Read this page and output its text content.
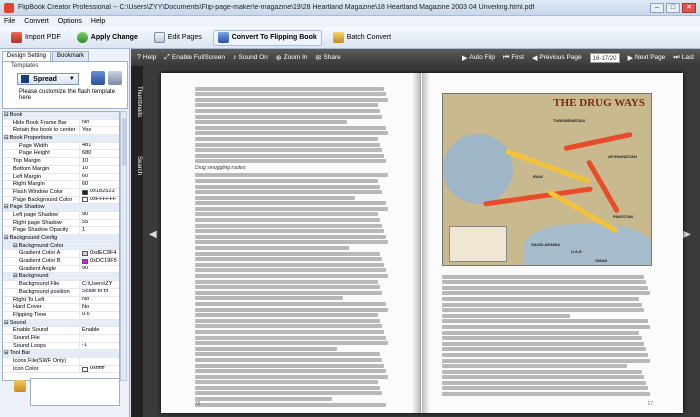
FlipBook Creator Professional -- C:\Users\ZYY\Documents\Flip-page-maker\e-magazine\19\28 Heartland Magazine\18 Heartland Magazine 2003 04 Unveiling.html.pdf	–	□	✕
File Convert Options Help
Import PDF	Apply Change	Edit Pages	Convert To Flipping Book	Batch Convert
Design Setting	Bookmark
Templates
Spread ▼
Please customize the flash template here
⊟ Book
Hide Book Frame Bar	No
Retain the book to center	Yes
⊟ Book Proportions
Page Width	481
Page Height	680
Top Margin	10
Bottom Margin	10
Left Margin	60
Right Margin	60
Flash Window Color	0x182523
Page Background Color	0xFFFFFF
⊟ Page Shadow
Left page Shadow	90
Right page Shadow	55
Page Shadow Opacity	1
⊟ Background Config
⊟ Background Color
Gradient Color A	0xdEC9F4
Gradient Color B	0xDC19F5
Gradient Angle	90
⊟ Background
Background File	C:\Users\ZY
Background position	Scale to fit
Right To Left	No
Hard Cover	No
Flipping Time	0.6
⊟ Sound
Enable Sound	Enable
Sound File
Sound Loops	-1
⊟ Tool Bar
Icons File(SWF Only)
Icon Color	0xffffff
? Help ⤢ Enable FullScreen ♪ Sound On ⊕ Zoom In ✉ Share	▶ Auto Flip ⏮ First ◀ Previous Page	16-17/20	▶ Next Page ⏭ Last
Thumbnails
Search
◀	▶
Drug smuggling routes:
16
THE DRUG WAYS
TURKMENISTAN
IRAN
AFGHANISTAN
PAKISTAN
SAUDI ARABIA
U.A.E.
OMAN
17
